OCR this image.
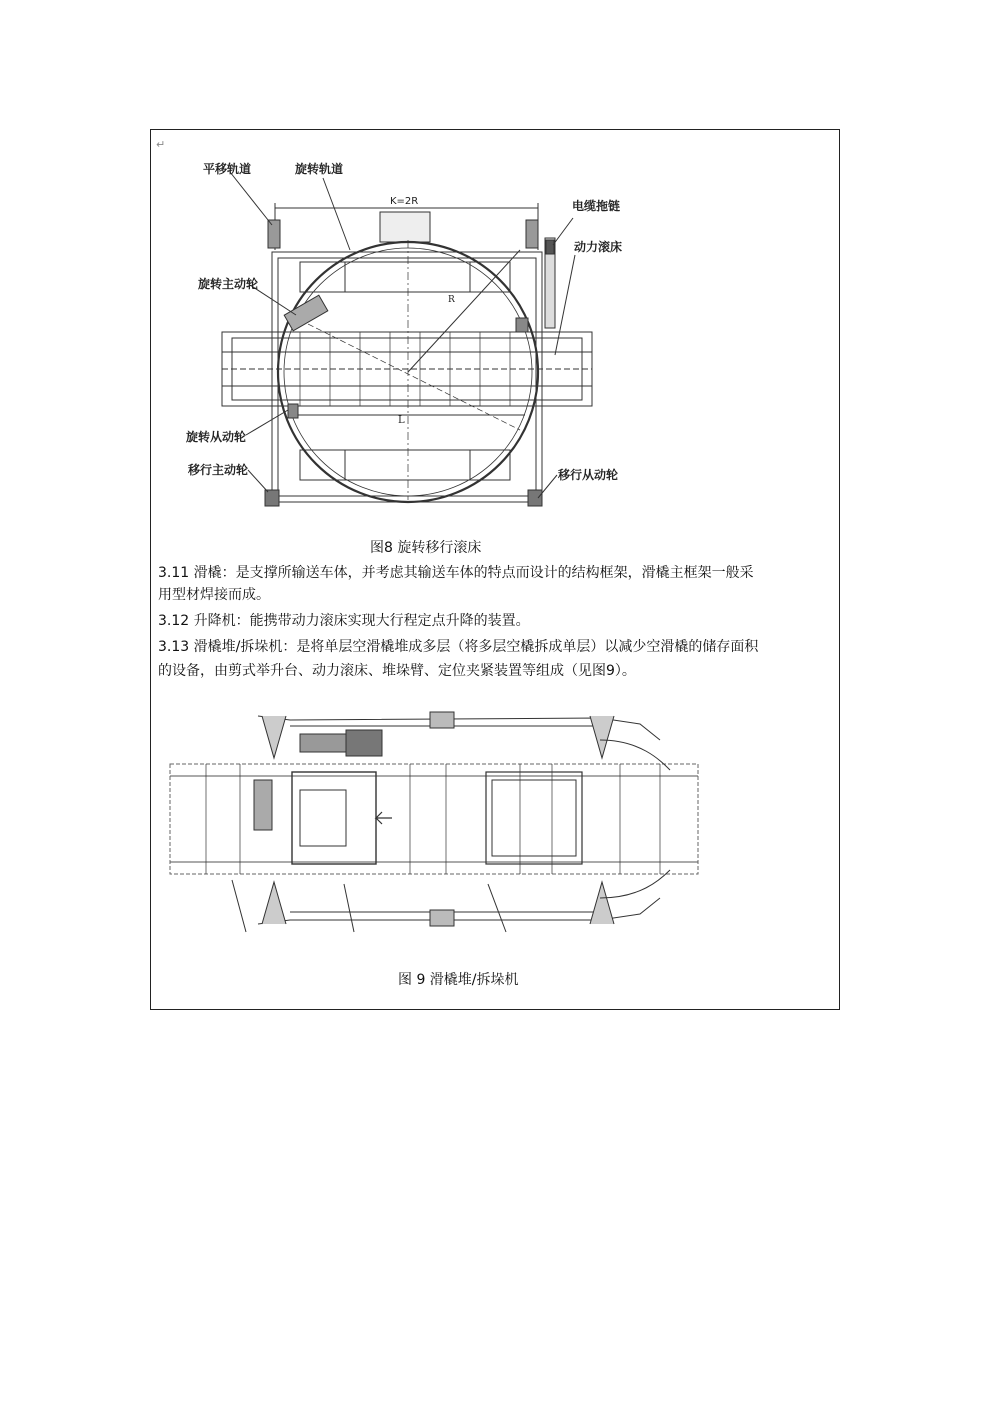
↵
平移轨道	旋转轨道
电缆拖链
动力滚床
旋转主动轮
旋转从动轮
移行主动轮	移行从动轮
K=2R
R
L
图8 旋转移行滚床
3.11 滑橇：是支撑所输送车体，并考虑其输送车体的特点而设计的结构框架，滑橇主框架一般采
用型材焊接而成。
3.12 升降机：能携带动力滚床实现大行程定点升降的装置。
3.13 滑橇堆/拆垛机：是将单层空滑橇堆成多层（将多层空橇拆成单层）以减少空滑橇的储存面积
的设备，由剪式举升台、动力滚床、堆垛臂、定位夹紧装置等组成（见图9）。
图 9 滑橇堆/拆垛机
